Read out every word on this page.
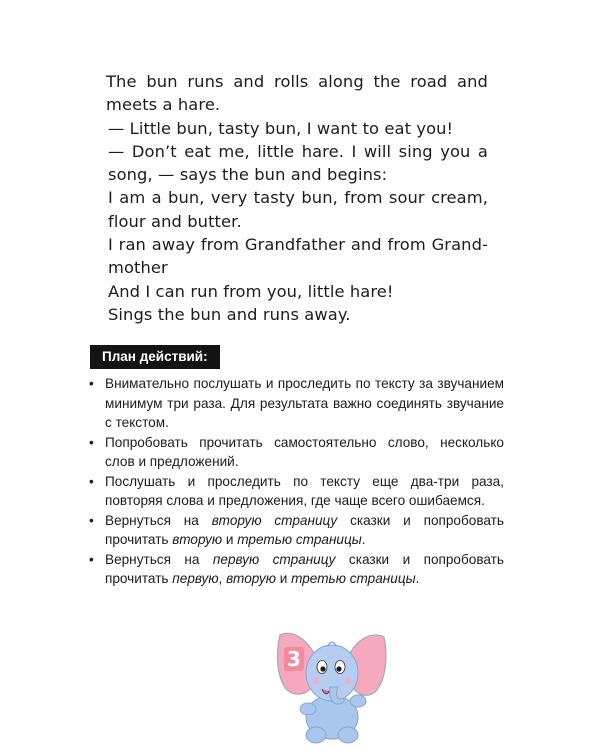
The bun runs and rolls along the road and meets a hare.

— Little bun, tasty bun, I want to eat you!

— Don’t eat me, little hare. I will sing you a song, — says the bun and begins:

I am a bun, very tasty bun, from sour cream, flour and butter.

I ran away from Grandfather and from Grand-mother

And I can run from you, little hare!

Sings the bun and runs away.

План действий:
• Внимательно послушать и проследить по тексту за звучанием минимум три раза. Для результата важно соединять звучание с текстом.
• Попробовать прочитать самостоятельно слово, несколько слов и предложений.
• Послушать и проследить по тексту еще два-три раза, повторяя слова и предложения, где чаще всего ошибаемся.
• Вернуться на вторую страницу сказки и попробовать прочитать вторую и третью страницы.
• Вернуться на первую страницу сказки и попробовать прочитать первую, вторую и третью страницы.
3
